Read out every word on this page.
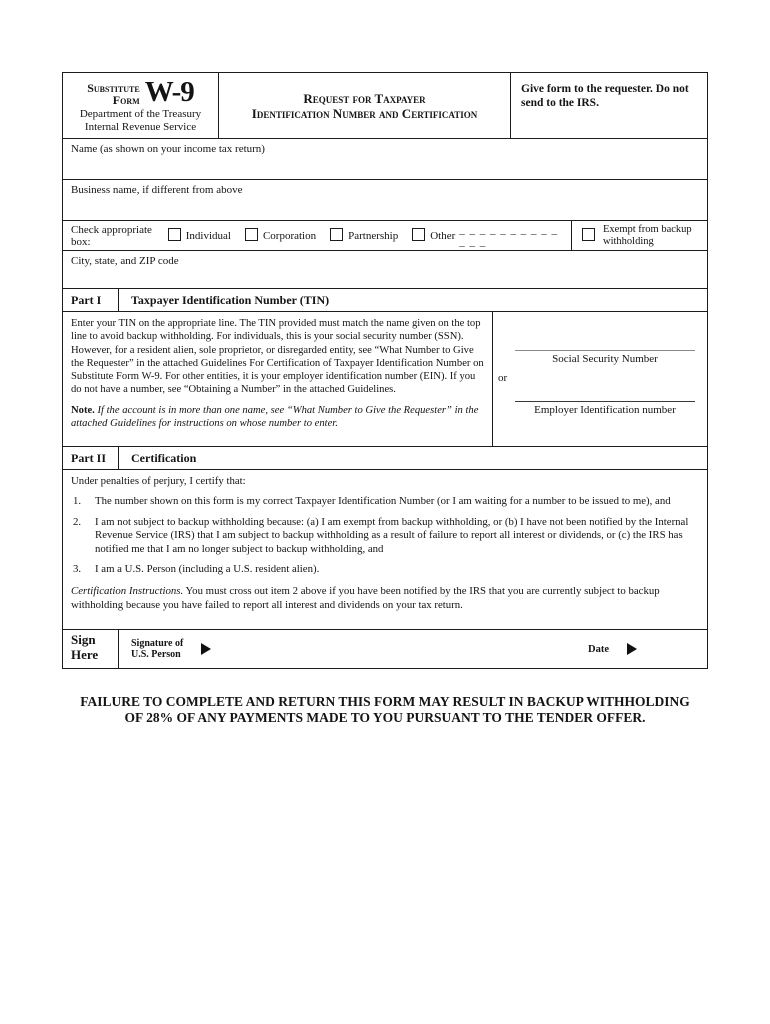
Substitute
Form W-9
Department of the Treasury
Internal Revenue Service
Request for Taxpayer
Identification Number and Certification
Give form to the requester. Do not send to the IRS.
Name (as shown on your income tax return)
Business name, if different from above
Check appropriate box:	Individual	Corporation	Partnership	Other _ _ _ _ _ _ _ _ _ _ _ _ _
Exempt from backup withholding
City, state, and ZIP code
Part I	Taxpayer Identification Number (TIN)

Enter your TIN on the appropriate line. The TIN provided must match the name given on the top line to avoid backup withholding. For individuals, this is your social security number (SSN). However, for a resident alien, sole proprietor, or disregarded entity, see “What Number to Give the Requester” in the attached Guidelines For Certification of Taxpayer Identification Number on Substitute Form W-9. For other entities, it is your employer identification number (EIN). If you do not have a number, see “Obtaining a Number” in the attached Guidelines.

Note. If the account is in more than one name, see “What Number to Give the Requester” in the attached Guidelines for instructions on whose number to enter.

Social Security Number
or
Employer Identification number
Part II	Certification
Under penalties of perjury, I certify that:
1.	The number shown on this form is my correct Taxpayer Identification Number (or I am waiting for a number to be issued to me), and
2.	I am not subject to backup withholding because: (a) I am exempt from backup withholding, or (b) I have not been notified by the Internal Revenue Service (IRS) that I am subject to backup withholding as a result of failure to report all interest or dividends, or (c) the IRS has notified me that I am no longer subject to backup withholding, and
3.	I am a U.S. Person (including a U.S. resident alien).
Certification Instructions. You must cross out item 2 above if you have been notified by the IRS that you are currently subject to backup withholding because you have failed to report all interest and dividends on your tax return.
Sign
Here
Signature of
U.S. Person	Date
FAILURE TO COMPLETE AND RETURN THIS FORM MAY RESULT IN BACKUP WITHHOLDING
OF 28% OF ANY PAYMENTS MADE TO YOU PURSUANT TO THE TENDER OFFER.
